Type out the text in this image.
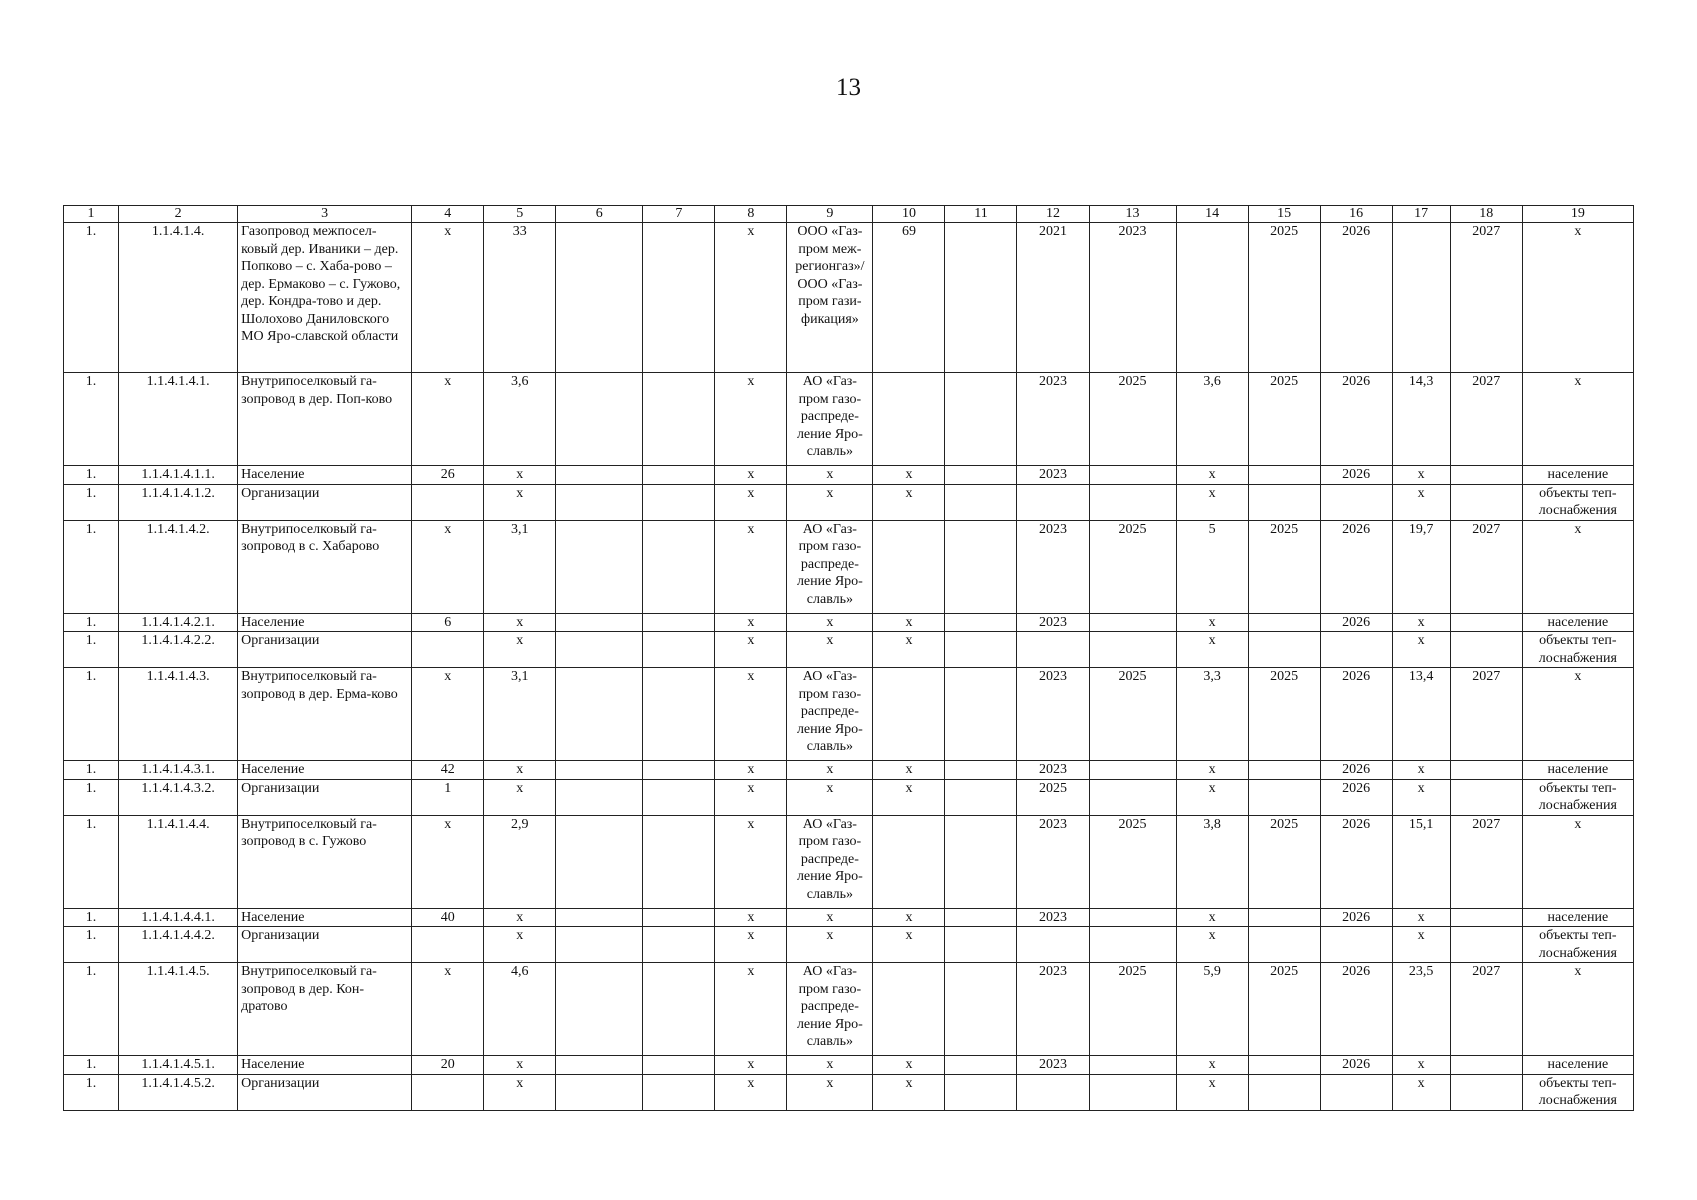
13
1	2	3	4	5	6	7	8	9	10	11	12	13	14	15	16	17	18	19
1.	1.1.4.1.4.	Газопровод межпосел-ковый дер. Иваники – дер. Попково – с. Хаба-рово – дер. Ермаково – с. Гужово, дер. Кондра-тово и дер. Шолохово Даниловского МО Яро-славской области	х	33			х	ООО «Газ-пром меж-регионгаз»/ ООО «Газ-пром гази-фикация»	69		2021	2023		2025	2026		2027	х
1.	1.1.4.1.4.1.	Внутрипоселковый га-зопровод в дер. Поп-ково	х	3,6			х	АО «Газ-пром газо-распреде-ление Яро-славль»			2023	2025	3,6	2025	2026	14,3	2027	х
1.	1.1.4.1.4.1.1.	Население	26	х			х	х	х		2023		х		2026	х		население
1.	1.1.4.1.4.1.2.	Организации		х			х	х	х				х			х		объекты теп-лоснабжения
1.	1.1.4.1.4.2.	Внутрипоселковый га-зопровод в с. Хабарово	х	3,1			х	АО «Газ-пром газо-распреде-ление Яро-славль»			2023	2025	5	2025	2026	19,7	2027	х
1.	1.1.4.1.4.2.1.	Население	6	х			х	х	х		2023		х		2026	х		население
1.	1.1.4.1.4.2.2.	Организации		х			х	х	х				х			х		объекты теп-лоснабжения
1.	1.1.4.1.4.3.	Внутрипоселковый га-зопровод в дер. Ерма-ково	х	3,1			х	АО «Газ-пром газо-распреде-ление Яро-славль»			2023	2025	3,3	2025	2026	13,4	2027	х
1.	1.1.4.1.4.3.1.	Население	42	х			х	х	х		2023		х		2026	х		население
1.	1.1.4.1.4.3.2.	Организации	1	х			х	х	х		2025		х		2026	х		объекты теп-лоснабжения
1.	1.1.4.1.4.4.	Внутрипоселковый га-зопровод в с. Гужово	х	2,9			х	АО «Газ-пром газо-распреде-ление Яро-славль»			2023	2025	3,8	2025	2026	15,1	2027	х
1.	1.1.4.1.4.4.1.	Население	40	х			х	х	х		2023		х		2026	х		население
1.	1.1.4.1.4.4.2.	Организации		х			х	х	х				х			х		объекты теп-лоснабжения
1.	1.1.4.1.4.5.	Внутрипоселковый га-зопровод в дер. Кон-дратово	х	4,6			х	АО «Газ-пром газо-распреде-ление Яро-славль»			2023	2025	5,9	2025	2026	23,5	2027	х
1.	1.1.4.1.4.5.1.	Население	20	х			х	х	х		2023		х		2026	х		население
1.	1.1.4.1.4.5.2.	Организации		х			х	х	х				х			х		объекты теп-лоснабжения
